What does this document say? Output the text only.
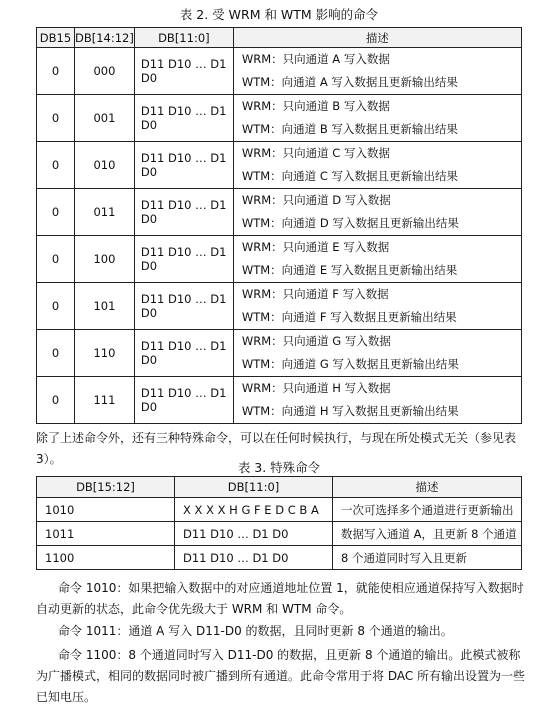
表 2. 受 WRM 和 WTM 影响的命令
DB15	DB[14:12]	DB[11:0]	描述
0	000	D11 D10 … D1 D0	WRM：只向通道 A 写入数据
WTM：向通道 A 写入数据且更新输出结果

0	001	D11 D10 … D1 D0	WRM：只向通道 B 写入数据
WTM：向通道 B 写入数据且更新输出结果

0	010	D11 D10 … D1 D0	WRM：只向通道 C 写入数据
WTM：向通道 C 写入数据且更新输出结果

0	011	D11 D10 … D1 D0	WRM：只向通道 D 写入数据
WTM：向通道 D 写入数据且更新输出结果

0	100	D11 D10 … D1 D0	WRM：只向通道 E 写入数据
WTM：向通道 E 写入数据且更新输出结果

0	101	D11 D10 … D1 D0	WRM：只向通道 F 写入数据
WTM：向通道 F 写入数据且更新输出结果

0	110	D11 D10 … D1 D0	WRM：只向通道 G 写入数据
WTM：向通道 G 写入数据且更新输出结果

0	111	D11 D10 … D1 D0	WRM：只向通道 H 写入数据
WTM：向通道 H 写入数据且更新输出结果

除了上述命令外，还有三种特殊命令，可以在任何时候执行，与现在所处模式无关（参见表 3）。

表 3. 特殊命令
DB[15:12]	DB[11:0]	描述
1010	X X X X H G F E D C B A	一次可选择多个通道进行更新输出
1011	D11 D10 … D1 D0	数据写入通道 A，且更新 8 个通道
1100	D11 D10 … D1 D0	8 个通道同时写入且更新

命令 1010：如果把输入数据中的对应通道地址位置 1，就能使相应通道保持写入数据时自动更新的状态，此命令优先级大于 WRM 和 WTM 命令。

命令 1011：通道 A 写入 D11-D0 的数据，且同时更新 8 个通道的输出。

命令 1100：8 个通道同时写入 D11-D0 的数据，且更新 8 个通道的输出。此模式被称为广播模式，相同的数据同时被广播到所有通道。此命令常用于将 DAC 所有输出设置为一些已知电压。
